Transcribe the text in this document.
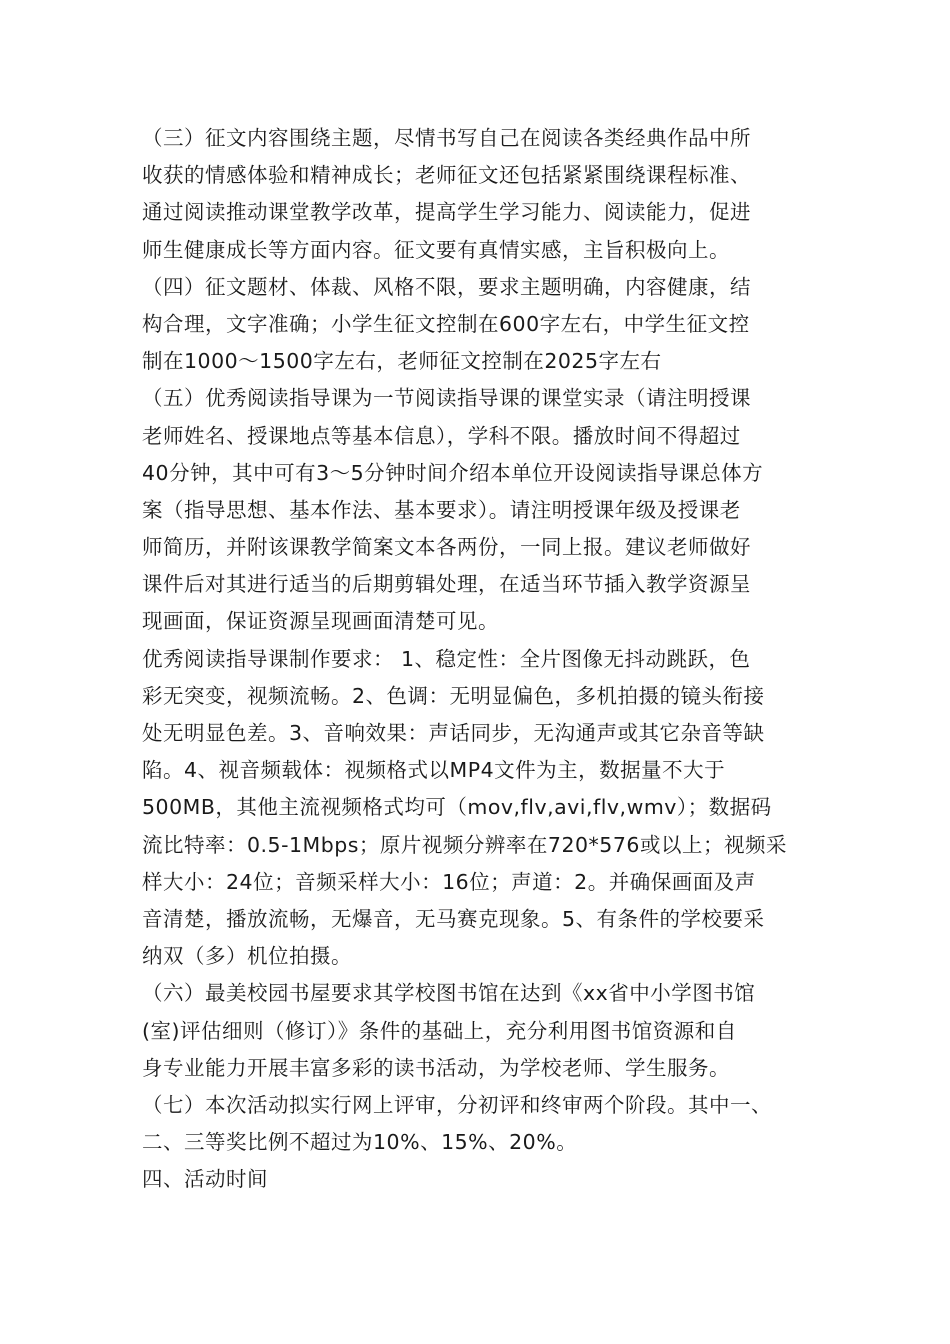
（三）征文内容围绕主题，尽情书写自己在阅读各类经典作品中所
收获的情感体验和精神成长；老师征文还包括紧紧围绕课程标准、
通过阅读推动课堂教学改革，提高学生学习能力、阅读能力，促进
师生健康成长等方面内容。征文要有真情实感，主旨积极向上。
（四）征文题材、体裁、风格不限，要求主题明确，内容健康，结
构合理，文字准确；小学生征文控制在600字左右，中学生征文控
制在1000～1500字左右，老师征文控制在2025字左右
（五）优秀阅读指导课为一节阅读指导课的课堂实录（请注明授课
老师姓名、授课地点等基本信息），学科不限。播放时间不得超过
40分钟，其中可有3～5分钟时间介绍本单位开设阅读指导课总体方
案（指导思想、基本作法、基本要求）。请注明授课年级及授课老
师简历，并附该课教学简案文本各两份，一同上报。建议老师做好
课件后对其进行适当的后期剪辑处理，在适当环节插入教学资源呈
现画面，保证资源呈现画面清楚可见。
优秀阅读指导课制作要求： 1、稳定性：全片图像无抖动跳跃，色
彩无突变，视频流畅。2、色调：无明显偏色，多机拍摄的镜头衔接
处无明显色差。3、音响效果：声话同步，无沟通声或其它杂音等缺
陷。4、视音频载体：视频格式以MP4文件为主，数据量不大于
500MB，其他主流视频格式均可（mov,flv,avi,flv,wmv）；数据码
流比特率：0.5-1Mbps；原片视频分辨率在720*576或以上；视频采
样大小：24位；音频采样大小：16位；声道：2。并确保画面及声
音清楚，播放流畅，无爆音，无马赛克现象。5、有条件的学校要采
纳双（多）机位拍摄。
（六）最美校园书屋要求其学校图书馆在达到《xx省中小学图书馆
(室)评估细则（修订）》条件的基础上，充分利用图书馆资源和自
身专业能力开展丰富多彩的读书活动，为学校老师、学生服务。
（七）本次活动拟实行网上评审，分初评和终审两个阶段。其中一、
二、三等奖比例不超过为10%、15%、20%。
四、活动时间
